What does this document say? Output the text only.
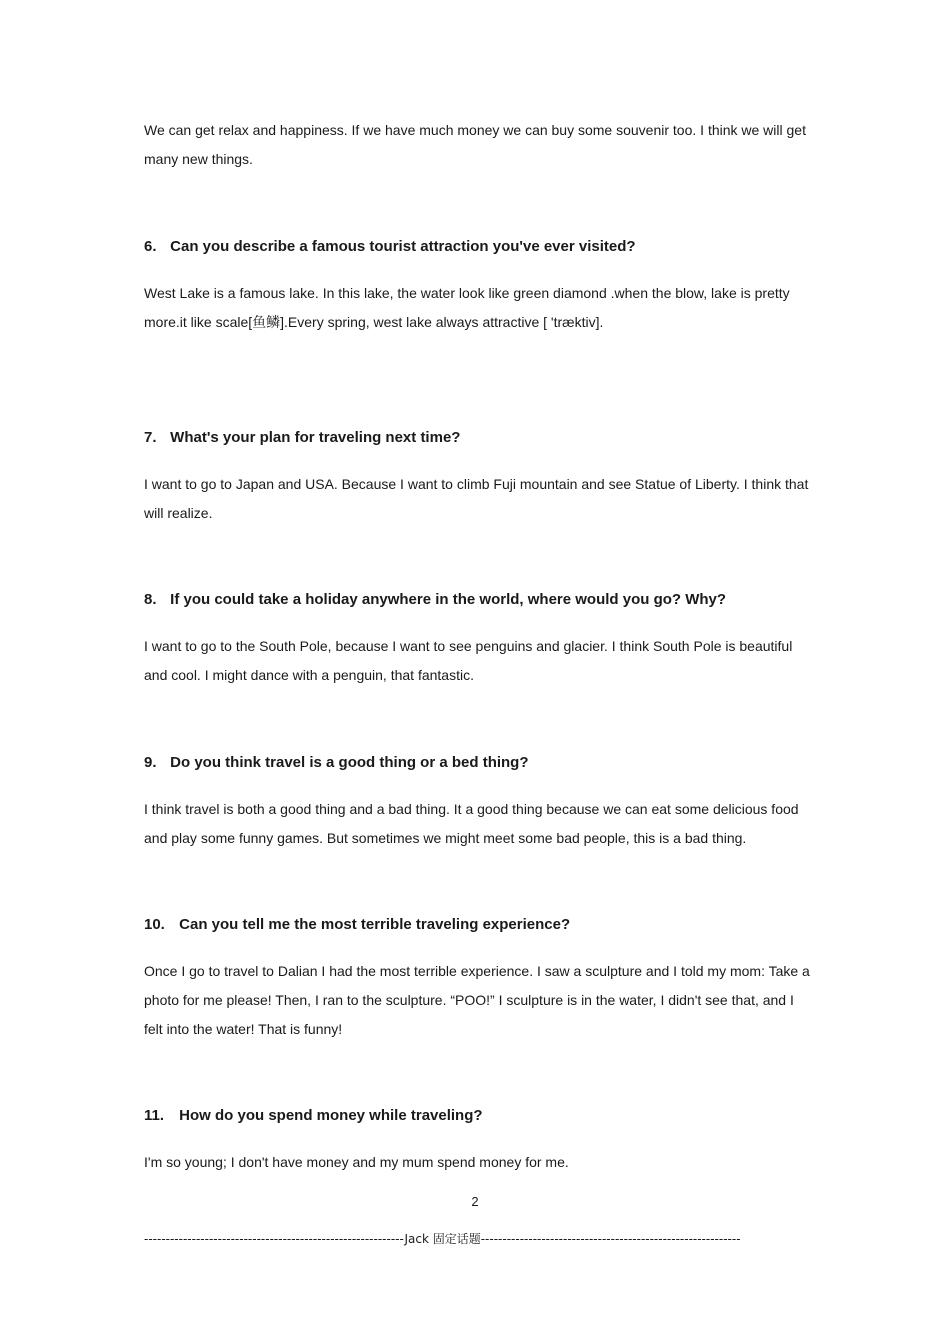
We can get relax and happiness. If we have much money we can buy some souvenir too. I think we will get many new things.

6. Can you describe a famous tourist attraction you've ever visited?

West Lake is a famous lake. In this lake, the water look like green diamond .when the blow, lake is pretty more.it like scale[鱼鳞].Every spring, west lake always attractive [ 'træktiv].

7. What's your plan for traveling next time?

I want to go to Japan and USA. Because I want to climb Fuji mountain and see Statue of Liberty. I think that will realize.

8. If you could take a holiday anywhere in the world, where would you go? Why?

I want to go to the South Pole, because I want to see penguins and glacier. I think South Pole is beautiful and cool. I might dance with a penguin, that fantastic.

9. Do you think travel is a good thing or a bed thing?

I think travel is both a good thing and a bad thing. It a good thing because we can eat some delicious food and play some funny games. But sometimes we might meet some bad people, this is a bad thing.

10. Can you tell me the most terrible traveling experience?

Once I go to travel to Dalian I had the most terrible experience. I saw a sculpture and I told my mom: Take a photo for me please! Then, I ran to the sculpture. “POO!” I sculpture is in the water, I didn't see that, and I felt into the water! That is funny!

11. How do you spend money while traveling?

I'm so young; I don't have money and my mum spend money for me.

2
------------------------------------------------------------Jack 固定话题------------------------------------------------------------
